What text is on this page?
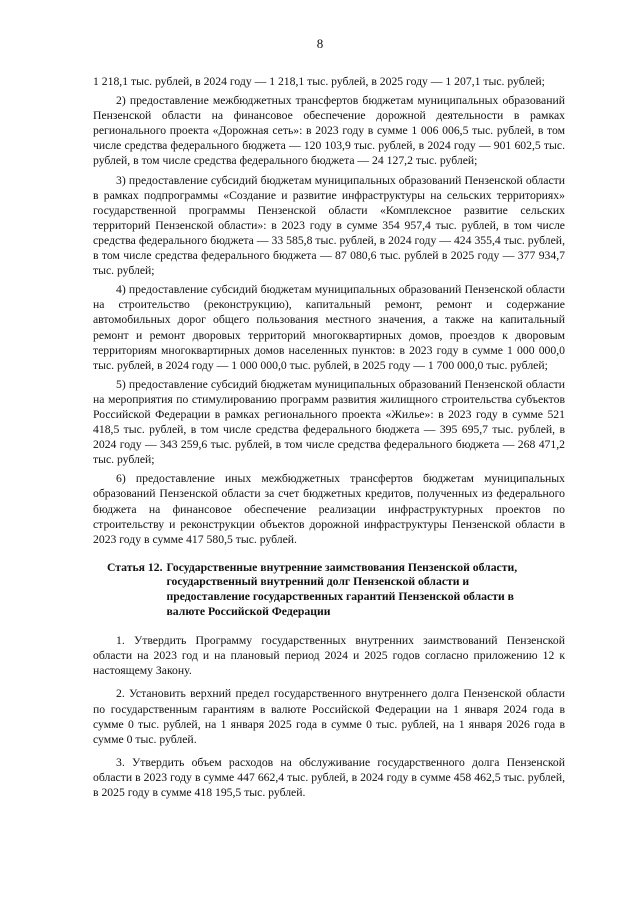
8

1 218,1 тыс. рублей, в 2024 году — 1 218,1 тыс. рублей, в 2025 году — 1 207,1 тыс. рублей;

2) предоставление межбюджетных трансфертов бюджетам муниципальных образований Пензенской области на финансовое обеспечение дорожной деятельности в рамках регионального проекта «Дорожная сеть»: в 2023 году в сумме 1 006 006,5 тыс. рублей, в том числе средства федерального бюджета — 120 103,9 тыс. рублей, в 2024 году — 901 602,5 тыс. рублей, в том числе средства федерального бюджета — 24 127,2 тыс. рублей;

3) предоставление субсидий бюджетам муниципальных образований Пензенской области в рамках подпрограммы «Создание и развитие инфраструктуры на сельских территориях» государственной программы Пензенской области «Комплексное развитие сельских территорий Пензенской области»: в 2023 году в сумме 354 957,4 тыс. рублей, в том числе средства федерального бюджета — 33 585,8 тыс. рублей, в 2024 году — 424 355,4 тыс. рублей, в том числе средства федерального бюджета — 87 080,6 тыс. рублей в 2025 году — 377 934,7 тыс. рублей;

4) предоставление субсидий бюджетам муниципальных образований Пензенской области на строительство (реконструкцию), капитальный ремонт, ремонт и содержание автомобильных дорог общего пользования местного значения, а также на капитальный ремонт и ремонт дворовых территорий многоквартирных домов, проездов к дворовым территориям многоквартирных домов населенных пунктов: в 2023 году в сумме 1 000 000,0 тыс. рублей, в 2024 году — 1 000 000,0 тыс. рублей, в 2025 году — 1 700 000,0 тыс. рублей;

5) предоставление субсидий бюджетам муниципальных образований Пензенской области на мероприятия по стимулированию программ развития жилищного строительства субъектов Российской Федерации в рамках регионального проекта «Жилье»: в 2023 году в сумме 521 418,5 тыс. рублей, в том числе средства федерального бюджета — 395 695,7 тыс. рублей, в 2024 году — 343 259,6 тыс. рублей, в том числе средства федерального бюджета — 268 471,2 тыс. рублей;

6) предоставление иных межбюджетных трансфертов бюджетам муниципальных образований Пензенской области за счет бюджетных кредитов, полученных из федерального бюджета на финансовое обеспечение реализации инфраструктурных проектов по строительству и реконструкции объектов дорожной инфраструктуры Пензенской области в 2023 году в сумме 417 580,5 тыс. рублей.

Статья 12. Государственные внутренние заимствования Пензенской области,
государственный внутренний долг Пензенской области и
предоставление государственных гарантий Пензенской области в
валюте Российской Федерации

1. Утвердить Программу государственных внутренних заимствований Пензенской области на 2023 год и на плановый период 2024 и 2025 годов согласно приложению 12 к настоящему Закону.

2. Установить верхний предел государственного внутреннего долга Пензенской области по государственным гарантиям в валюте Российской Федерации на 1 января 2024 года в сумме 0 тыс. рублей, на 1 января 2025 года в сумме 0 тыс. рублей, на 1 января 2026 года в сумме 0 тыс. рублей.

3. Утвердить объем расходов на обслуживание государственного долга Пензенской области в 2023 году в сумме 447 662,4 тыс. рублей, в 2024 году в сумме 458 462,5 тыс. рублей, в 2025 году в сумме 418 195,5 тыс. рублей.
